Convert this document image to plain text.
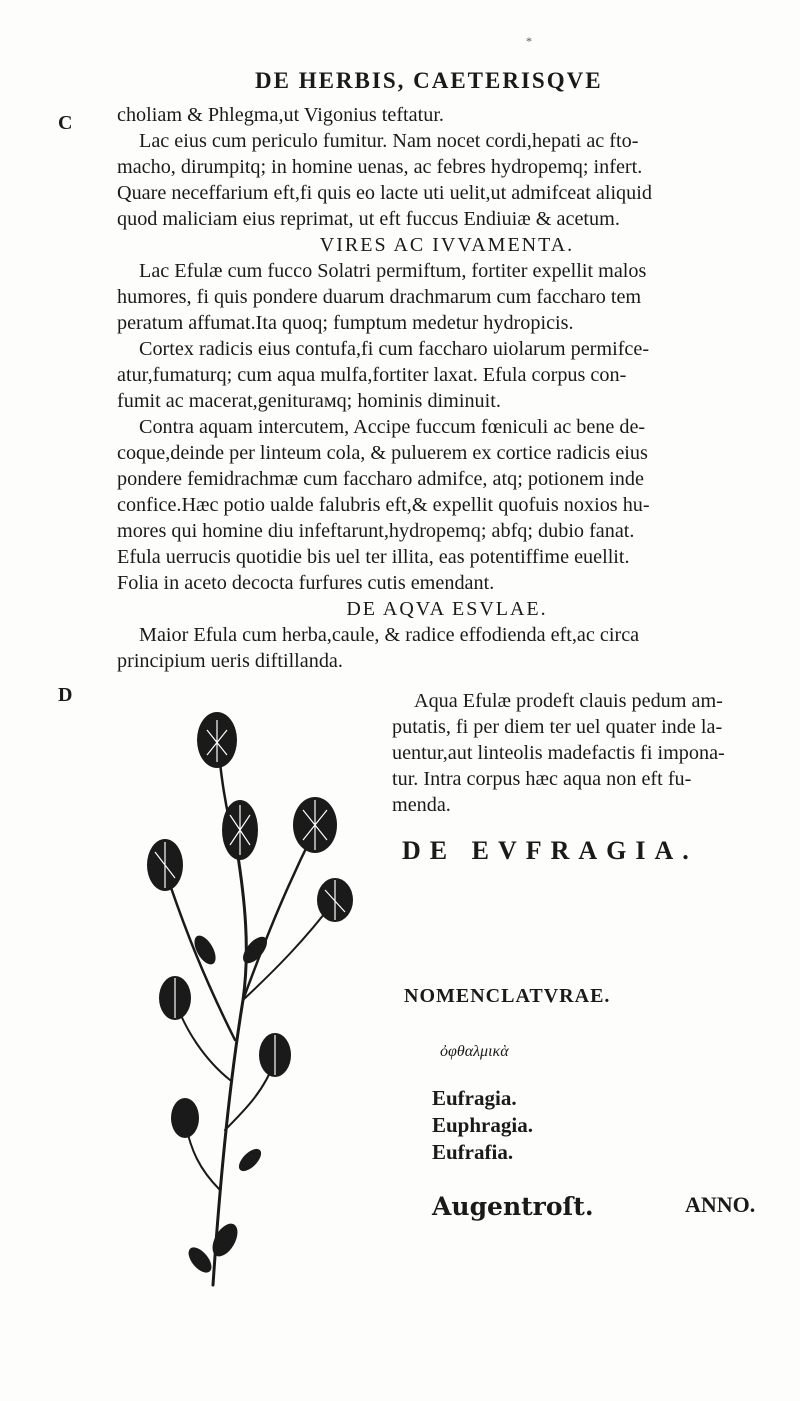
*
DE HERBIS, CAETERISQVE
C
D
choliam & Phlegma,ut Vigonius teftatur.
Lac eius cum periculo fumitur. Nam nocet cordi,hepati ac fto-
macho, dirumpitq; in homine uenas, ac febres hydropemq; infert.
Quare neceffarium eft,fi quis eo lacte uti uelit,ut admifceat aliquid
quod maliciam eius reprimat, ut eft fuccus Endiuiæ & acetum.
VIRES AC IVVAMENTA.
Lac Efulæ cum fucco Solatri permiftum, fortiter expellit malos
humores, fi quis pondere duarum drachmarum cum faccharo tem
peratum affumat.Ita quoq; fumptum medetur hydropicis.
Cortex radicis eius contufa,fi cum faccharo uiolarum permifce-
atur,fumaturq; cum aqua mulfa,fortiter laxat. Efula corpus con-
fumit ac macerat,geniturамq; hominis diminuit.
Contra aquam intercutem, Accipe fuccum fœniculi ac bene de-
coque,deinde per linteum cola, & puluerem ex cortice radicis eius
pondere femidrachmæ cum faccharo admifce, atq; potionem inde
confice.Hæc potio ualde falubris eft,& expellit quofuis noxios hu-
mores qui homine diu infeftarunt,hydropemq; abfq; dubio fanat.
Efula uerrucis quotidie bis uel ter illita, eas potentiffime euellit.
Folia in aceto decocta furfures cutis emendant.
DE AQVA ESVLAE.
Maior Efula cum herba,caule, & radice effodienda eft,ac circa
principium ueris diftillanda.
Aqua Efulæ prodeft clauis pedum am-
putatis, fi per diem ter uel quater inde la-
uentur,aut linteolis madefactis fi impona-
tur. Intra corpus hæc aqua non eft fu-
menda.
DE EVFRAGIA.
NOMENCLATVRAE.
ὀφθαλμικὰ
Eufragia.
Euphragia.
Eufrafia.
Augentroſt.	ANNO.
